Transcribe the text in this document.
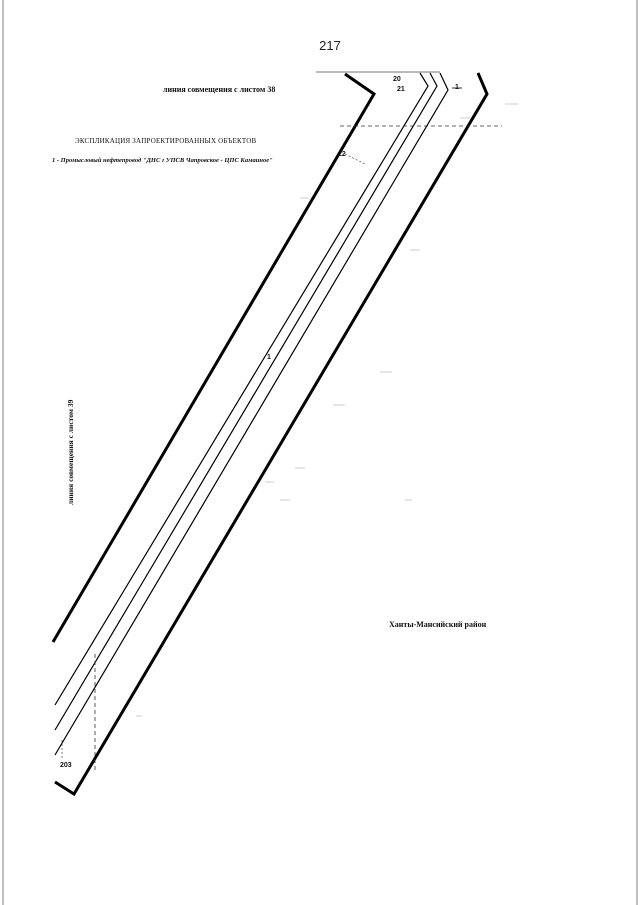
217
линия совмещения с листом 38
ЭКСПЛИКАЦИЯ ЗАПРОЕКТИРОВАННЫХ ОБЪЕКТОВ
1 - Промысловый нефтепровод "ДНС г УПСВ Чапровское - ЦПС Камаиное"
линия совмещения с листом 39
Ханты-Мансийский район
20
21	1
22
1
203
